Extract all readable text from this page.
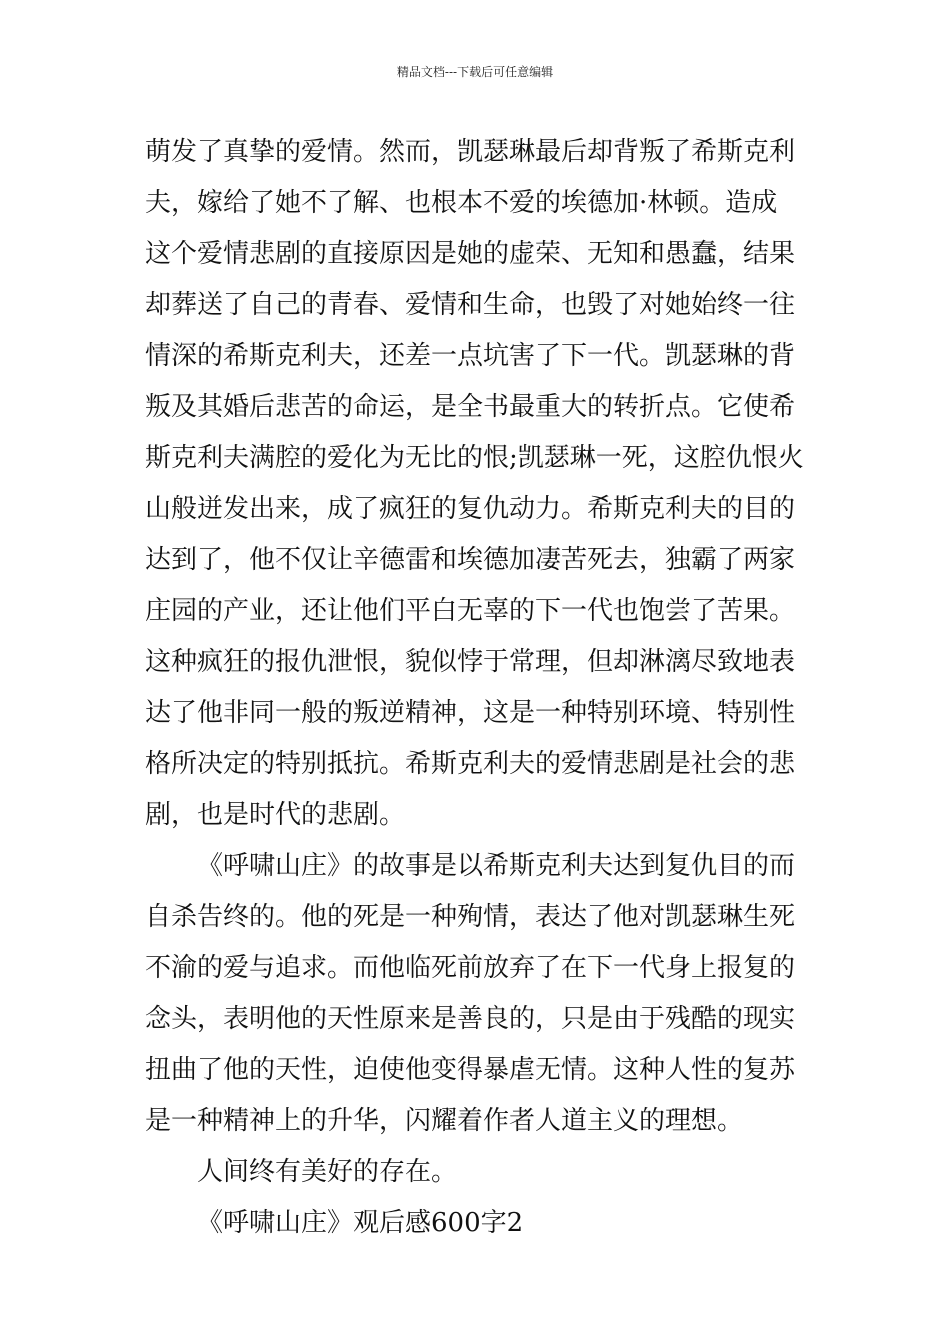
精品文档---下载后可任意编辑
萌发了真挚的爱情。然而，凯瑟琳最后却背叛了希斯克利
夫，嫁给了她不了解、也根本不爱的埃德加·林顿。造成
这个爱情悲剧的直接原因是她的虚荣、无知和愚蠢，结果
却葬送了自己的青春、爱情和生命，也毁了对她始终一往
情深的希斯克利夫，还差一点坑害了下一代。凯瑟琳的背
叛及其婚后悲苦的命运，是全书最重大的转折点。它使希
斯克利夫满腔的爱化为无比的恨;凯瑟琳一死，这腔仇恨火
山般迸发出来，成了疯狂的复仇动力。希斯克利夫的目的
达到了，他不仅让辛德雷和埃德加凄苦死去，独霸了两家
庄园的产业，还让他们平白无辜的下一代也饱尝了苦果。
这种疯狂的报仇泄恨，貌似悖于常理，但却淋漓尽致地表
达了他非同一般的叛逆精神，这是一种特别环境、特别性
格所决定的特别抵抗。希斯克利夫的爱情悲剧是社会的悲
剧，也是时代的悲剧。
《呼啸山庄》的故事是以希斯克利夫达到复仇目的而
自杀告终的。他的死是一种殉情，表达了他对凯瑟琳生死
不渝的爱与追求。而他临死前放弃了在下一代身上报复的
念头，表明他的天性原来是善良的，只是由于残酷的现实
扭曲了他的天性，迫使他变得暴虐无情。这种人性的复苏
是一种精神上的升华，闪耀着作者人道主义的理想。
人间终有美好的存在。
《呼啸山庄》观后感600字2
